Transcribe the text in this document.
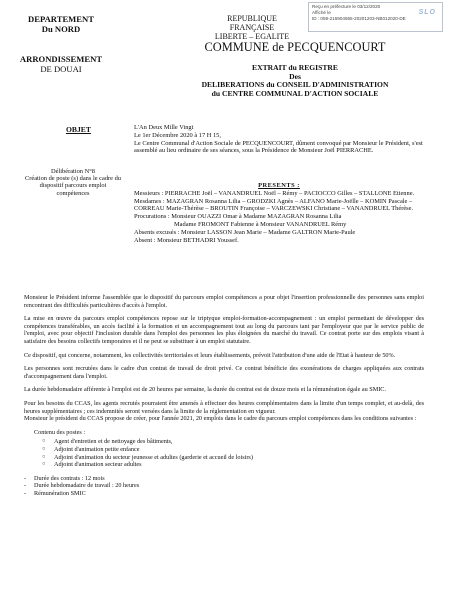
Reçu en préfecture le 03/12/2020
Affiché le
ID : 059-215904565-20201203-NB012020-DE
SLO
DEPARTEMENT
Du NORD
ARRONDISSEMENT
DE DOUAI
REPUBLIQUE FRANÇAISE
LIBERTE – EGALITE
COMMUNE de PECQUENCOURT
EXTRAIT du REGISTRE
Des
DELIBERATIONS du CONSEIL D'ADMINISTRATION
du CENTRE COMMUNAL D'ACTION SOCIALE
OBJET
Délibération N°8
Création de poste (s) dans le cadre du dispositif parcours emploi compétences
L'An Deux Mille Vingt
Le 1er Décembre 2020 à 17 H 15,
Le Centre Communal d'Action Sociale de PECQUENCOURT, dûment convoqué par Monsieur le Président, s'est assemblé au lieu ordinaire de ses séances, sous la Présidence de Monsieur Joël PIERRACHE.
PRESENTS :
Messieurs : PIERRACHE Joël – VANANDRUEL Noël – Rémy – PACIOCCO Gilles – STALLONE Etienne.
Mesdames : MAZAGRAN Rosanna Lilia – GRODZKI Agnès – ALFANO Marie-Joëlle – KOMIN Pascale – CORREAU Marie-Thérèse – BROUTIN Françoise – VARCZEWSKI Christiane – VANANDRUEL Thérèse.
Procurations : Monsieur OUAZZI Omar à Madame MAZAGRAN Rosanna Lilia
Madame FROMONT Fabienne à Monsieur VANANDRUEL Rémy
Absents excusés : Monsieur LASSON Jean Marie – Madame GALTRON Marie-Paule
Absent : Monsieur BETHADRI Youssef.

Monsieur le Président informe l'assemblée que le dispositif du parcours emploi compétences a pour objet l'insertion professionnelle des personnes sans emploi rencontrant des difficultés particulières d'accès à l'emploi.

La mise en œuvre du parcours emploi compétences repose sur le triptyque emploi-formation-accompagnement : un emploi permettant de développer des compétences transférables, un accès facilité à la formation et un accompagnement tout au long du parcours tant par l'employeur que par le service public de l'emploi, avec pour objectif l'inclusion durable dans l'emploi des personnes les plus éloignées du marché du travail. Ce contrat porte sur des emplois visant à satisfaire des besoins collectifs temporaires et il ne peut se substituer à un emploi statutaire.

Ce dispositif, qui concerne, notamment, les collectivités territoriales et leurs établissements, prévoit l'attribution d'une aide de l'Etat à hauteur de 50%.

Les personnes sont recrutées dans le cadre d'un contrat de travail de droit privé. Ce contrat bénéficie des exonérations de charges appliquées aux contrats d'accompagnement dans l'emploi.

La durée hebdomadaire afférente à l'emploi est de 20 heures par semaine, la durée du contrat est de douze mois et la rémunération égale au SMIC.

Pour les besoins du CCAS, les agents recrutés pourraient être amenés à effectuer des heures complémentaires dans la limite d'un temps complet, et au-delà, des heures supplémentaires ; ces indemnités seront versées dans la limite de la réglementation en vigueur.

Monsieur le président du CCAS propose de créer, pour l'année 2021, 20 emplois dans le cadre du parcours emploi compétences dans les conditions suivantes :

Contenu des postes :
○ Agent d'entretien et de nettoyage des bâtiments,
○ Adjoint d'animation petite enfance
○ Adjoint d'animation du secteur jeunesse et adultes (garderie et accueil de loisirs)
○ Adjoint d'animation secteur adultes
- Durée des contrats : 12 mois
- Durée hebdomadaire de travail : 20 heures
- Rémunération SMIC
